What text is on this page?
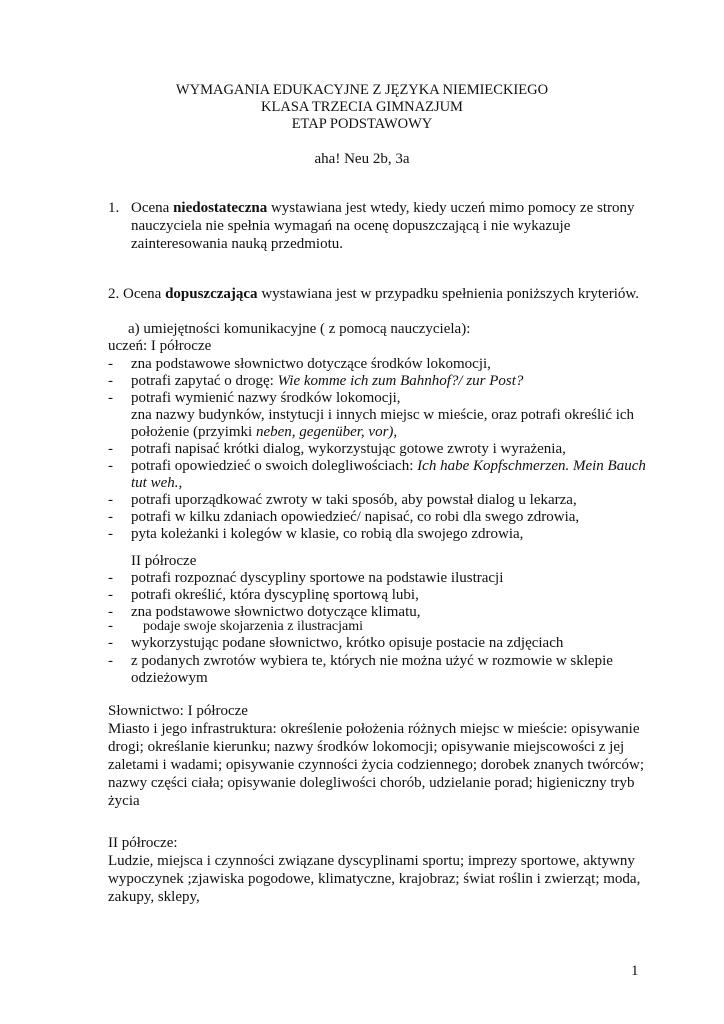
WYMAGANIA EDUKACYJNE Z JĘZYKA NIEMIECKIEGO
KLASA TRZECIA GIMNAZJUM
ETAP PODSTAWOWY
aha! Neu 2b, 3a
1. Ocena niedostateczna wystawiana jest wtedy, kiedy uczeń mimo pomocy ze strony
nauczyciela nie spełnia wymagań na ocenę dopuszczającą i nie wykazuje
zainteresowania nauką przedmiotu.
2. Ocena dopuszczająca wystawiana jest w przypadku spełnienia poniższych kryteriów.
a) umiejętności komunikacyjne ( z pomocą nauczyciela):
uczeń: I półrocze
- zna podstawowe słownictwo dotyczące środków lokomocji,
- potrafi zapytać o drogę: Wie komme ich zum Bahnhof?/ zur Post?
- potrafi wymienić nazwy środków lokomocji,
zna nazwy budynków, instytucji i innych miejsc w mieście, oraz potrafi określić ich
położenie (przyimki neben, gegenüber, vor),
- potrafi napisać krótki dialog, wykorzystując gotowe zwroty i wyrażenia,
- potrafi opowiedzieć o swoich dolegliwościach: Ich habe Kopfschmerzen. Mein Bauch
tut weh.,
- potrafi uporządkować zwroty w taki sposób, aby powstał dialog u lekarza,
- potrafi w kilku zdaniach opowiedzieć/ napisać, co robi dla swego zdrowia,
- pyta koleżanki i kolegów w klasie, co robią dla swojego zdrowia,
II półrocze
- potrafi rozpoznać dyscypliny sportowe na podstawie ilustracji
- potrafi określić, która dyscyplinę sportową lubi,
- zna podstawowe słownictwo dotyczące klimatu,
- podaje swoje skojarzenia z ilustracjami
- wykorzystując podane słownictwo, krótko opisuje postacie na zdjęciach
- z podanych zwrotów wybiera te, których nie można użyć w rozmowie w sklepie
odzieżowym
Słownictwo: I półrocze
Miasto i jego infrastruktura: określenie położenia różnych miejsc w mieście: opisywanie
drogi; określanie kierunku; nazwy środków lokomocji; opisywanie miejscowości z jej
zaletami i wadami; opisywanie czynności życia codziennego; dorobek znanych twórców;
nazwy części ciała; opisywanie dolegliwości chorób, udzielanie porad; higieniczny tryb
życia
II półrocze:
Ludzie, miejsca i czynności związane dyscyplinami sportu; imprezy sportowe, aktywny
wypoczynek ;zjawiska pogodowe, klimatyczne, krajobraz; świat roślin i zwierząt; moda,
zakupy, sklepy,
1
